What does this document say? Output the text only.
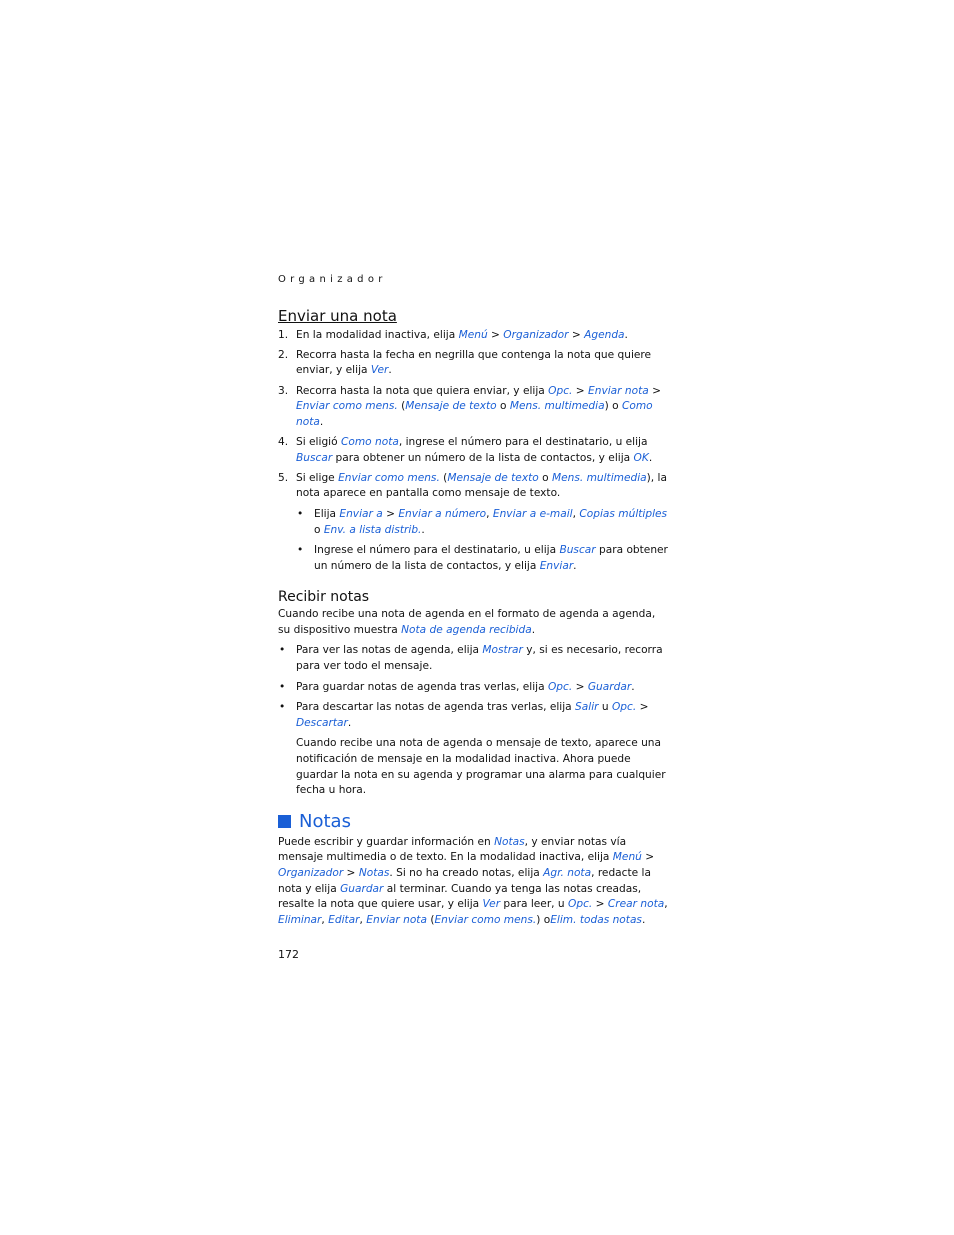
Organizador
Enviar una nota
1. En la modalidad inactiva, elija Menú > Organizador > Agenda.
2. Recorra hasta la fecha en negrilla que contenga la nota que quiere enviar, y elija Ver.
3. Recorra hasta la nota que quiera enviar, y elija Opc. > Enviar nota > Enviar como mens. (Mensaje de texto o Mens. multimedia) o Como nota.
4. Si eligió Como nota, ingrese el número para el destinatario, u elija Buscar para obtener un número de la lista de contactos, y elija OK.
5. Si elige Enviar como mens. (Mensaje de texto o Mens. multimedia), la nota aparece en pantalla como mensaje de texto.
• Elija Enviar a > Enviar a número, Enviar a e-mail, Copias múltiples o Env. a lista distrib..
• Ingrese el número para el destinatario, u elija Buscar para obtener un número de la lista de contactos, y elija Enviar.
Recibir notas

Cuando recibe una nota de agenda en el formato de agenda a agenda, su dispositivo muestra Nota de agenda recibida.

• Para ver las notas de agenda, elija Mostrar y, si es necesario, recorra para ver todo el mensaje.
• Para guardar notas de agenda tras verlas, elija Opc. > Guardar.
• Para descartar las notas de agenda tras verlas, elija Salir u Opc. > Descartar.

Cuando recibe una nota de agenda o mensaje de texto, aparece una notificación de mensaje en la modalidad inactiva. Ahora puede guardar la nota en su agenda y programar una alarma para cualquier fecha u hora.

Notas

Puede escribir y guardar información en Notas, y enviar notas vía mensaje multimedia o de texto. En la modalidad inactiva, elija Menú > Organizador > Notas. Si no ha creado notas, elija Agr. nota, redacte la nota y elija Guardar al terminar. Cuando ya tenga las notas creadas, resalte la nota que quiere usar, y elija Ver para leer, u Opc. > Crear nota, Eliminar, Editar, Enviar nota (Enviar como mens.) oElim. todas notas.

172
